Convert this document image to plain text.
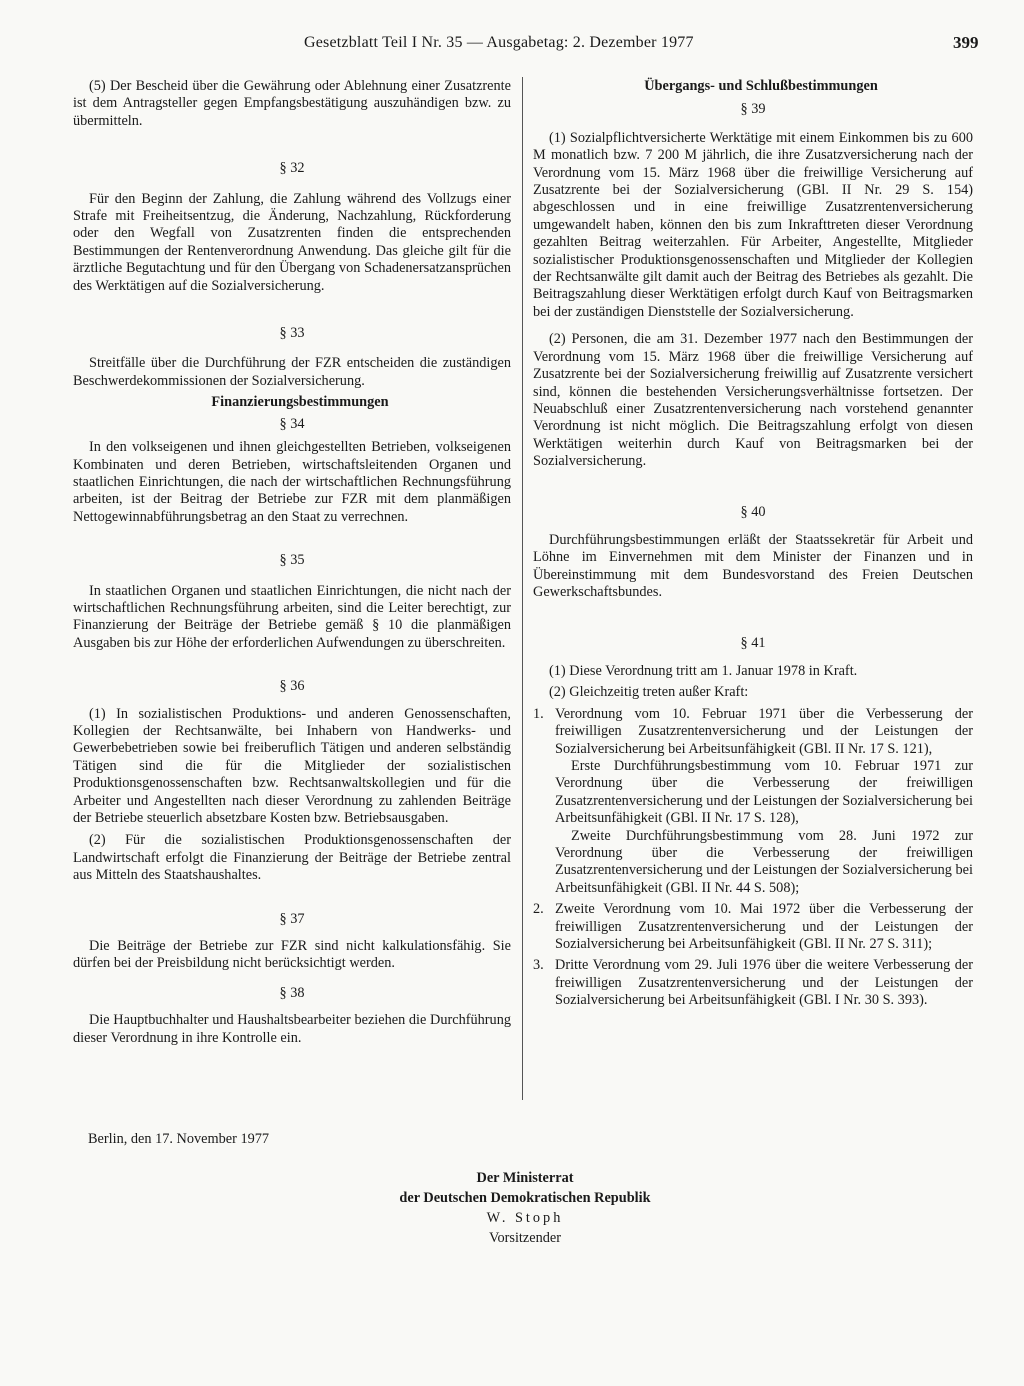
Gesetzblatt Teil I Nr. 35 — Ausgabetag: 2. Dezember 1977	399

(5) Der Bescheid über die Gewährung oder Ablehnung einer Zusatzrente ist dem Antragsteller gegen Empfangsbestätigung auszuhändigen bzw. zu übermitteln.

§ 32

Für den Beginn der Zahlung, die Zahlung während des Vollzugs einer Strafe mit Freiheitsentzug, die Änderung, Nachzahlung, Rückforderung oder den Wegfall von Zusatzrenten finden die entsprechenden Bestimmungen der Rentenverordnung Anwendung. Das gleiche gilt für die ärztliche Begutachtung und für den Übergang von Schadenersatzansprüchen des Werktätigen auf die Sozialversicherung.

§ 33

Streitfälle über die Durchführung der FZR entscheiden die zuständigen Beschwerdekommissionen der Sozialversicherung.

Finanzierungsbestimmungen

§ 34

In den volkseigenen und ihnen gleichgestellten Betrieben, volkseigenen Kombinaten und deren Betrieben, wirtschaftsleitenden Organen und staatlichen Einrichtungen, die nach der wirtschaftlichen Rechnungsführung arbeiten, ist der Beitrag der Betriebe zur FZR mit dem planmäßigen Nettogewinnabführungsbetrag an den Staat zu verrechnen.

§ 35

In staatlichen Organen und staatlichen Einrichtungen, die nicht nach der wirtschaftlichen Rechnungsführung arbeiten, sind die Leiter berechtigt, zur Finanzierung der Beiträge der Betriebe gemäß § 10 die planmäßigen Ausgaben bis zur Höhe der erforderlichen Aufwendungen zu überschreiten.

§ 36

(1) In sozialistischen Produktions- und anderen Genossenschaften, Kollegien der Rechtsanwälte, bei Inhabern von Handwerks- und Gewerbebetrieben sowie bei freiberuflich Tätigen und anderen selbständig Tätigen sind die für die Mitglieder der sozialistischen Produktionsgenossenschaften bzw. Rechtsanwaltskollegien und für die Arbeiter und Angestellten nach dieser Verordnung zu zahlenden Beiträge der Betriebe steuerlich absetzbare Kosten bzw. Betriebsausgaben.

(2) Für die sozialistischen Produktionsgenossenschaften der Landwirtschaft erfolgt die Finanzierung der Beiträge der Betriebe zentral aus Mitteln des Staatshaushaltes.

§ 37

Die Beiträge der Betriebe zur FZR sind nicht kalkulationsfähig. Sie dürfen bei der Preisbildung nicht berücksichtigt werden.

§ 38

Die Hauptbuchhalter und Haushaltsbearbeiter beziehen die Durchführung dieser Verordnung in ihre Kontrolle ein.

Übergangs- und Schlußbestimmungen

§ 39

(1) Sozialpflichtversicherte Werktätige mit einem Einkommen bis zu 600 M monatlich bzw. 7 200 M jährlich, die ihre Zusatzversicherung nach der Verordnung vom 15. März 1968 über die freiwillige Versicherung auf Zusatzrente bei der Sozialversicherung (GBl. II Nr. 29 S. 154) abgeschlossen und in eine freiwillige Zusatzrentenversicherung umgewandelt haben, können den bis zum Inkrafttreten dieser Verordnung gezahlten Beitrag weiterzahlen. Für Arbeiter, Angestellte, Mitglieder sozialistischer Produktionsgenossenschaften und Mitglieder der Kollegien der Rechtsanwälte gilt damit auch der Beitrag des Betriebes als gezahlt. Die Beitragszahlung dieser Werktätigen erfolgt durch Kauf von Beitragsmarken bei der zuständigen Dienststelle der Sozialversicherung.

(2) Personen, die am 31. Dezember 1977 nach den Bestimmungen der Verordnung vom 15. März 1968 über die freiwillige Versicherung auf Zusatzrente bei der Sozialversicherung freiwillig auf Zusatzrente versichert sind, können die bestehenden Versicherungsverhältnisse fortsetzen. Der Neuabschluß einer Zusatzrentenversicherung nach vorstehend genannter Verordnung ist nicht möglich. Die Beitragszahlung erfolgt von diesen Werktätigen weiterhin durch Kauf von Beitragsmarken bei der Sozialversicherung.

§ 40

Durchführungsbestimmungen erläßt der Staatssekretär für Arbeit und Löhne im Einvernehmen mit dem Minister der Finanzen und in Übereinstimmung mit dem Bundesvorstand des Freien Deutschen Gewerkschaftsbundes.

§ 41

(1) Diese Verordnung tritt am 1. Januar 1978 in Kraft.

(2) Gleichzeitig treten außer Kraft:

1. Verordnung vom 10. Februar 1971 über die Verbesserung der freiwilligen Zusatzrentenversicherung und der Leistungen der Sozialversicherung bei Arbeitsunfähigkeit (GBl. II Nr. 17 S. 121),

Erste Durchführungsbestimmung vom 10. Februar 1971 zur Verordnung über die Verbesserung der freiwilligen Zusatzrentenversicherung und der Leistungen der Sozialversicherung bei Arbeitsunfähigkeit (GBl. II Nr. 17 S. 128),

Zweite Durchführungsbestimmung vom 28. Juni 1972 zur Verordnung über die Verbesserung der freiwilligen Zusatzrentenversicherung und der Leistungen der Sozialversicherung bei Arbeitsunfähigkeit (GBl. II Nr. 44 S. 508);

2. Zweite Verordnung vom 10. Mai 1972 über die Verbesserung der freiwilligen Zusatzrentenversicherung und der Leistungen der Sozialversicherung bei Arbeitsunfähigkeit (GBl. II Nr. 27 S. 311);
3. Dritte Verordnung vom 29. Juli 1976 über die weitere Verbesserung der freiwilligen Zusatzrentenversicherung und der Leistungen der Sozialversicherung bei Arbeitsunfähigkeit (GBl. I Nr. 30 S. 393).
Berlin, den 17. November 1977
Der Ministerrat
der Deutschen Demokratischen Republik
W. Stoph
Vorsitzender
